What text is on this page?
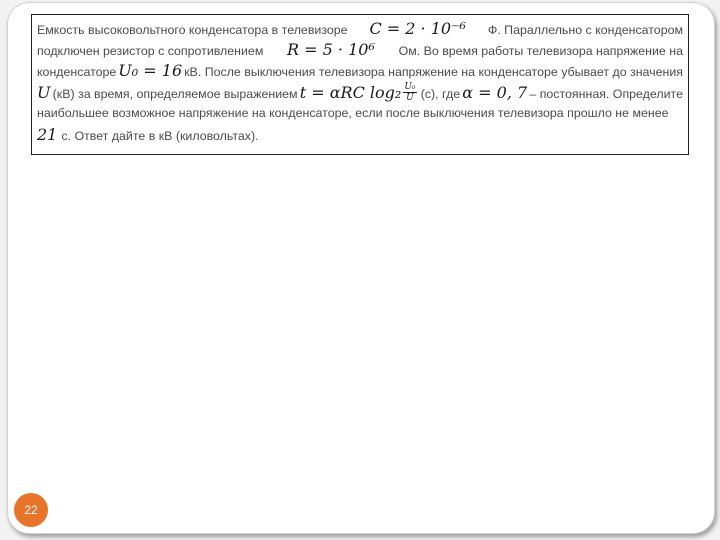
Емкость высоковольтного конденсатора в телевизоре C = 2 · 10⁻⁶ Ф. Параллельно с конденсатором
подключен резистор с сопротивлением R = 5 · 10⁶ Ом. Во время работы телевизора напряжение на
конденсаторе U₀ = 16 кВ. После выключения телевизора напряжение на конденсаторе убывает до значения
U (кВ) за время, определяемое выражением t = αRC $\log_2 \frac{\text{U₀}}{U} (с)$, где α = 0, 7 – постоянная. Определите
наибольшее возможное напряжение на конденсаторе, если после выключения телевизора прошло не менее
21 с. Ответ дайте в кВ (киловольтах).
22
